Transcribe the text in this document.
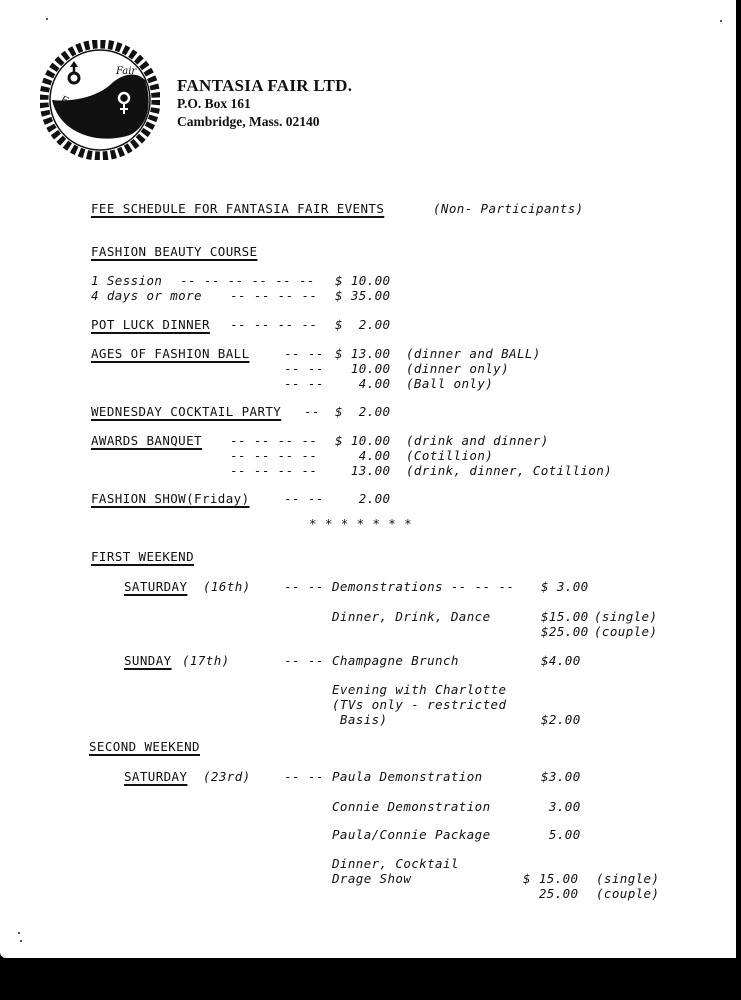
Fantasia
Fair
FANTASIA FAIR LTD.
P.O. Box 161
Cambridge, Mass. 02140
FEE SCHEDULE FOR FANTASIA FAIR EVENTS	(Non- Participants)
FASHION BEAUTY COURSE
1 Session -- -- -- -- -- -- $ 10.00
4 days or more -- -- -- -- $ 35.00
POT LUCK DINNER -- -- -- -- $  2.00
AGES OF FASHION BALL	-- -- $ 13.00 (dinner and BALL)
-- -- 10.00 (dinner only)
-- -- 4.00 (Ball only)
WEDNESDAY COCKTAIL PARTY -- $  2.00
AWARDS BANQUET -- -- -- -- $ 10.00 (drink and dinner)
-- -- -- -- 4.00 (Cotillion)
-- -- -- -- 13.00 (drink, dinner, Cotillion)
FASHION SHOW(Friday)	-- -- 2.00
* * * * * * *
FIRST WEEKEND
SATURDAY (16th)	-- -- Demonstrations -- -- -- $ 3.00
Dinner, Drink, Dance	$15.00 (single)
$25.00 (couple)
SUNDAY (17th)	-- -- Champagne Brunch	$4.00
Evening with Charlotte
(TVs only - restricted
Basis)	$2.00
SECOND WEEKEND
SATURDAY (23rd)	-- -- Paula Demonstration	$3.00
Connie Demonstration	3.00
Paula/Connie Package	5.00
Dinner, Cocktail
Drage Show	$ 15.00 (single)
25.00 (couple)
